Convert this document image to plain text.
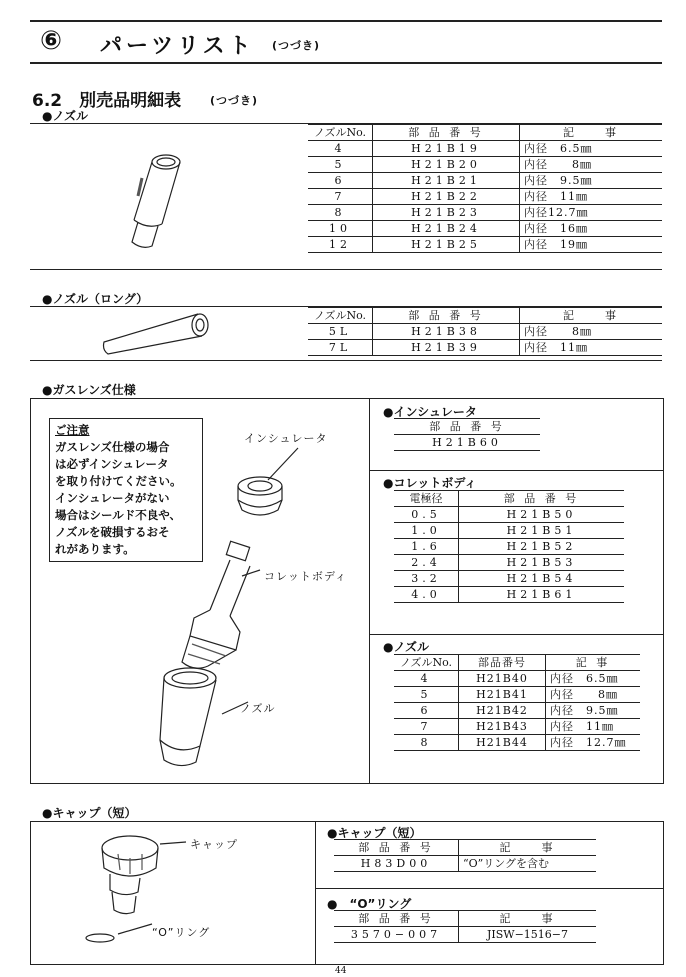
⑥ パーツリスト (つづき)
6.2　別売品明細表	(つづき)
●ノズル
ノズルNo.	部 品 番 号	記　　事
4	H21B19	内径　6.5㎜
5	H21B20	内径　　8㎜
6	H21B21	内径　9.5㎜
7	H21B22	内径　11㎜
8	H21B23	内径12.7㎜
10	H21B24	内径　16㎜
12	H21B25	内径　19㎜
●ノズル（ロング）
ノズルNo.	部 品 番 号	記　　事
5L	H21B38	内径　　8㎜
7L	H21B39	内径　11㎜
●ガスレンズ仕様
ご注意
ガスレンズ仕様の場合
は必ずインシュレータ
を取り付けてください。
インシュレータがない
場合はシールド不良や、
ノズルを破損するおそ
れがあります。
インシュレータ
コレットボディ
ノズル
●インシュレータ
部 品 番 号
H21B60
●コレットボディ
電極径	部 品 番 号
0.5	H21B50
1.0	H21B51
1.6	H21B52
2.4	H21B53
3.2	H21B54
4.0	H21B61
●ノズル
ノズルNo.	部品番号	記 事
4	H21B40	内径　6.5㎜
5	H21B41	内径　　8㎜
6	H21B42	内径　9.5㎜
7	H21B43	内径　11㎜
8	H21B44	内径　12.7㎜
●キャップ（短）
キャップ
“O”リング
●キャップ（短）
部 品 番 号	記　　事
H83D00	“O”リングを含む
●　“O”リング
部 品 番 号	記　　事
3570−007	JISW−1516−7
44
